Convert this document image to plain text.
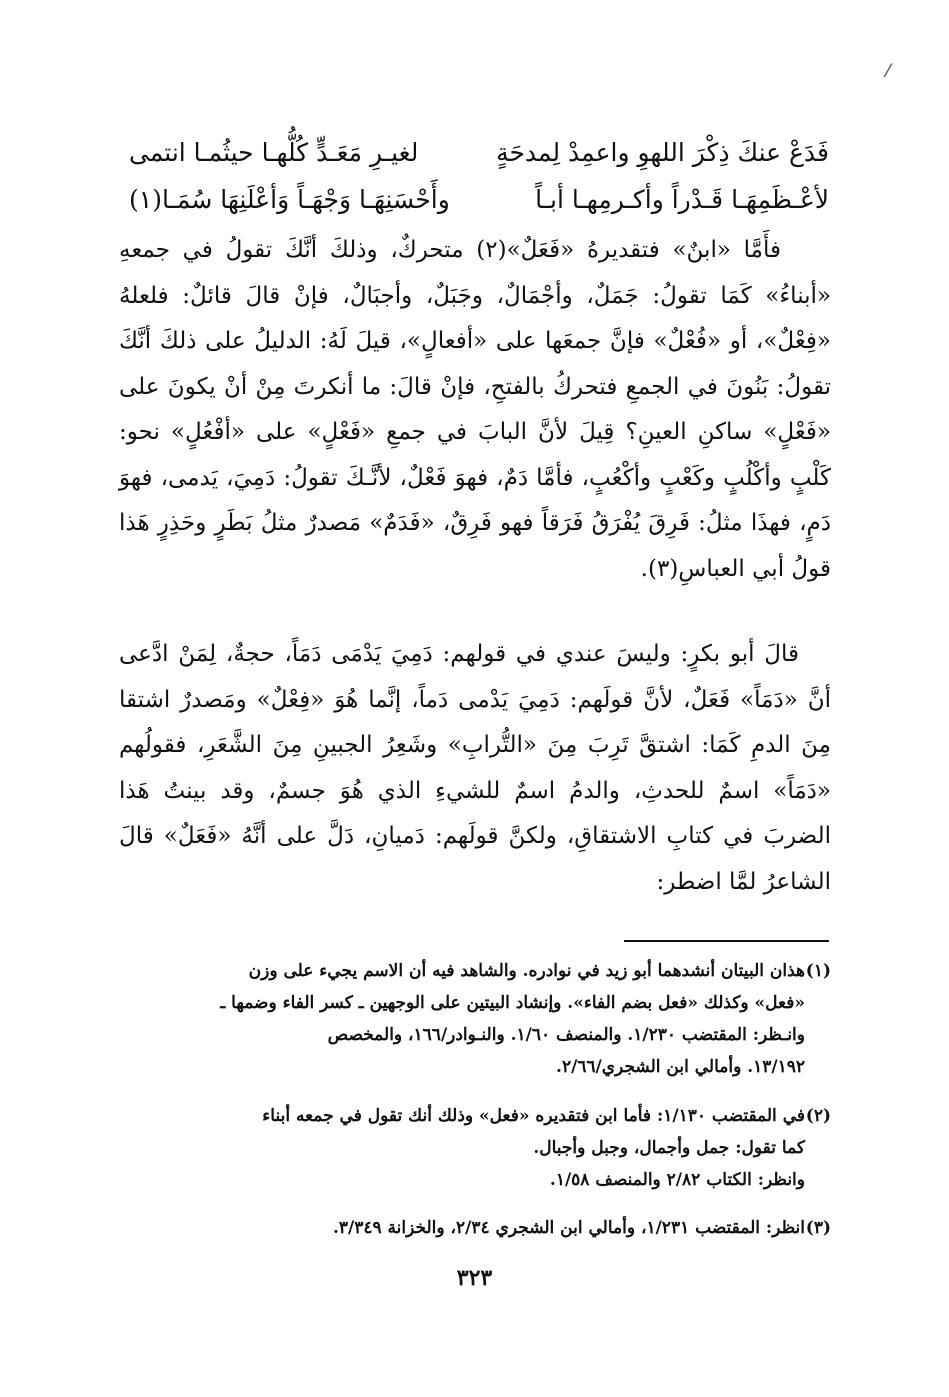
/
فَدَعْ عنكَ ذِكْرَ اللهوِ واعمِدْ لِمدحَةٍ
لغيـرِ مَعَـدٍّ كُلُّهـا حيثُمـا انتمى
لأعْـظَمِهَـا قَـدْراً وأكـرمِهـا أبـاً
وأَحْسَنِهَـا وَجْهَـاً وَأعْلَنِهَا سُمَـا(١)

فأَمَّا «ابنٌ» فتقديرهُ «فَعَلٌ»(٢) متحركٌ، وذلكَ أنَّكَ تقولُ في جمعهِ «أبناءُ» كَمَا تقولُ: جَمَلٌ، وأجْمَالٌ، وجَبَلٌ، وأجبَالٌ، فإنْ قالَ قائلٌ: فلعلهُ «فِعْلٌ»، أو «فُعْلٌ» فإنَّ جمعَها على «أفعالٍ»، قيلَ لَهُ: الدليلُ على ذلكَ أنَّكَ تقولُ: بَنُونَ في الجمعِ فتحركُ بالفتحِ، فإنْ قالَ: ما أنكرتَ مِنْ أنْ يكونَ على «فَعْلٍ» ساكنِ العينِ؟ قِيلَ لأنَّ البابَ في جمعِ «فَعْلٍ» على «أفْعُلٍ» نحو: كَلْبٍ وأكْلُبٍ وكَعْبٍ وأكْعُبٍ، فأمَّا دَمٌ، فهوَ فَعْلٌ، لأنَّـكَ تقولُ: دَمِيَ، يَدمى، فهوَ دَمٍ، فهذَا مثلُ: فَرِقَ يُفْرَقُ فَرَقاً فهو فَرِقٌ، «فَدَمٌ» مَصدرٌ مثلُ بَطَرٍ وحَذِرٍ هَذا قولُ أبي العباسِ(٣).

قالَ أبو بكرٍ: وليسَ عندي في قولهم: دَمِيَ يَدْمَى دَمَاً، حجةٌ، لِمَنْ ادَّعى أنَّ «دَمَاً» فَعَلٌ، لأنَّ قولَهم: دَمِيَ يَدْمى دَماً، إنَّما هُوَ «فِعْلٌ» ومَصدرٌ اشتقا مِنَ الدمِ كَمَا: اشتقَّ تَرِبَ مِنَ «التُّرابِ» وشَعِرُ الجبينِ مِنَ الشَّعَرِ، فقولُهم «دَمَاً» اسمٌ للحدثِ، والدمُ اسمٌ للشيءِ الذي هُوَ جسمٌ، وقد بينتُ هَذا الضربَ في كتابِ الاشتقاقِ، ولكنَّ قولَهم: دَميانِ، دَلَّ على أنَّهُ «فَعَلٌ» قالَ الشاعرُ لمَّا اضطر:

(١)هذان البيتان أنشدهما أبو زيد في نوادره. والشاهد فيه أن الاسم يجيء على وزن
«فعل» وكذلك «فعل بضم الفاء». وإنشاد البيتين على الوجهين ـ كسر الفاء وضمها ـ
وانـظر: المقتضب ١/٢٣٠. والمنصف ١/٦٠. والنـوادر/١٦٦، والمخصص
١٣/١٩٢. وأمالي ابن الشجري/٢/٦٦.
(٢)في المقتضب ١/١٣٠: فأما ابن فتقديره «فعل» وذلك أنك تقول في جمعه أبناء
كما تقول: جمل وأجمال، وجبل وأجبال.
وانظر: الكتاب ٢/٨٢ والمنصف ١/٥٨.
(٣)انظر: المقتضب ١/٢٣١، وأمالي ابن الشجري ٢/٣٤، والخزانة ٣/٣٤٩.
٣٢٣
